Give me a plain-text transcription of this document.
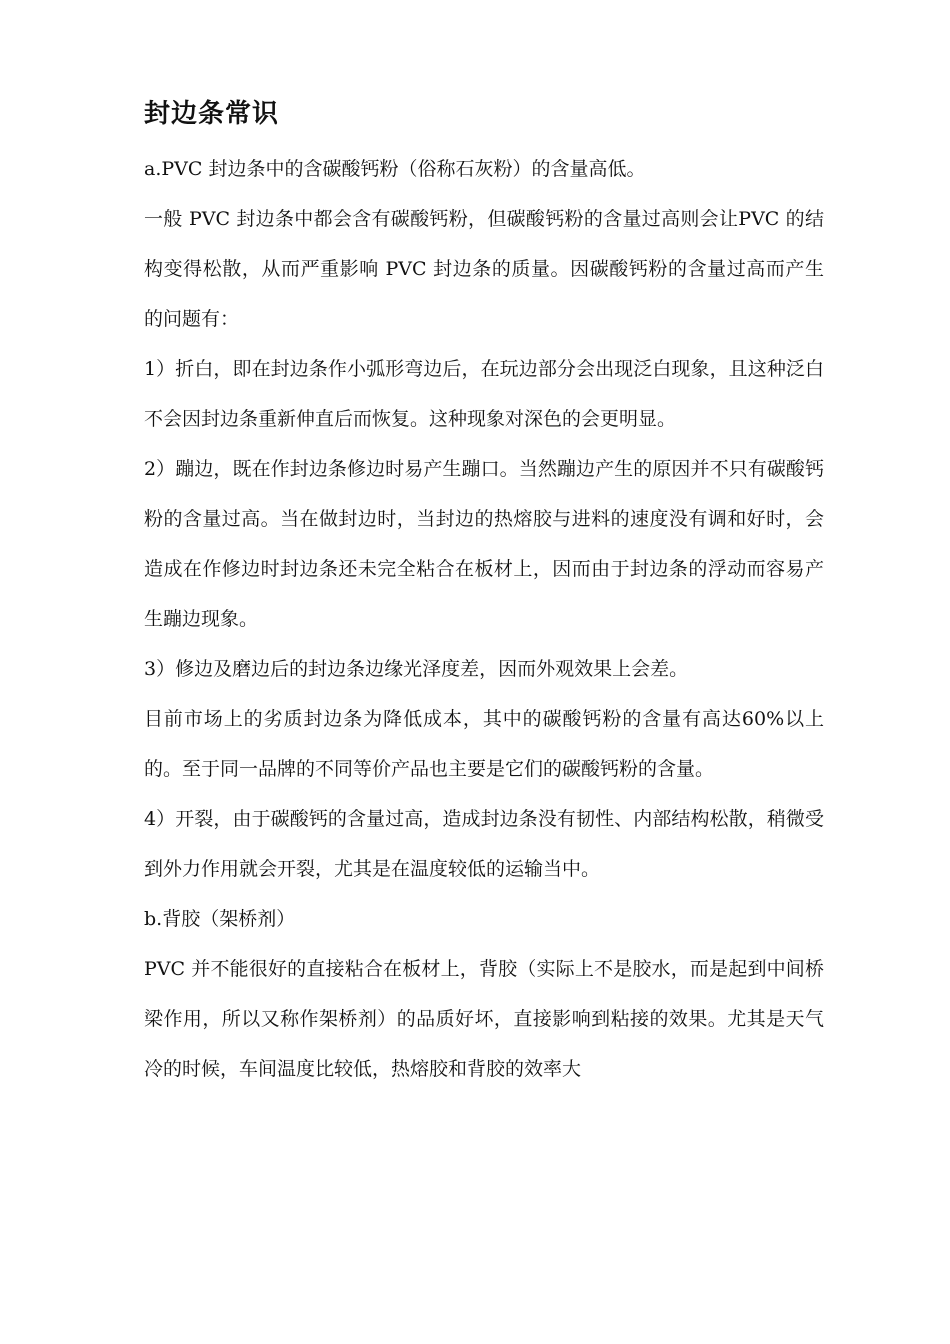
封边条常识

a.PVC 封边条中的含碳酸钙粉（俗称石灰粉）的含量高低。

一般 PVC 封边条中都会含有碳酸钙粉，但碳酸钙粉的含量过高则会让PVC 的结构变得松散，从而严重影响 PVC 封边条的质量。因碳酸钙粉的含量过高而产生的问题有：

1）折白，即在封边条作小弧形弯边后，在玩边部分会出现泛白现象，且这种泛白不会因封边条重新伸直后而恢复。这种现象对深色的会更明显。

2）蹦边，既在作封边条修边时易产生蹦口。当然蹦边产生的原因并不只有碳酸钙粉的含量过高。当在做封边时，当封边的热熔胶与进料的速度没有调和好时，会造成在作修边时封边条还未完全粘合在板材上，因而由于封边条的浮动而容易产生蹦边现象。

3）修边及磨边后的封边条边缘光泽度差，因而外观效果上会差。

目前市场上的劣质封边条为降低成本，其中的碳酸钙粉的含量有高达60%以上的。至于同一品牌的不同等价产品也主要是它们的碳酸钙粉的含量。

4）开裂，由于碳酸钙的含量过高，造成封边条没有韧性、内部结构松散，稍微受到外力作用就会开裂，尤其是在温度较低的运输当中。

b.背胶（架桥剂）

PVC 并不能很好的直接粘合在板材上，背胶（实际上不是胶水，而是起到中间桥梁作用，所以又称作架桥剂）的品质好坏，直接影响到粘接的效果。尤其是天气冷的时候，车间温度比较低，热熔胶和背胶的效率大
